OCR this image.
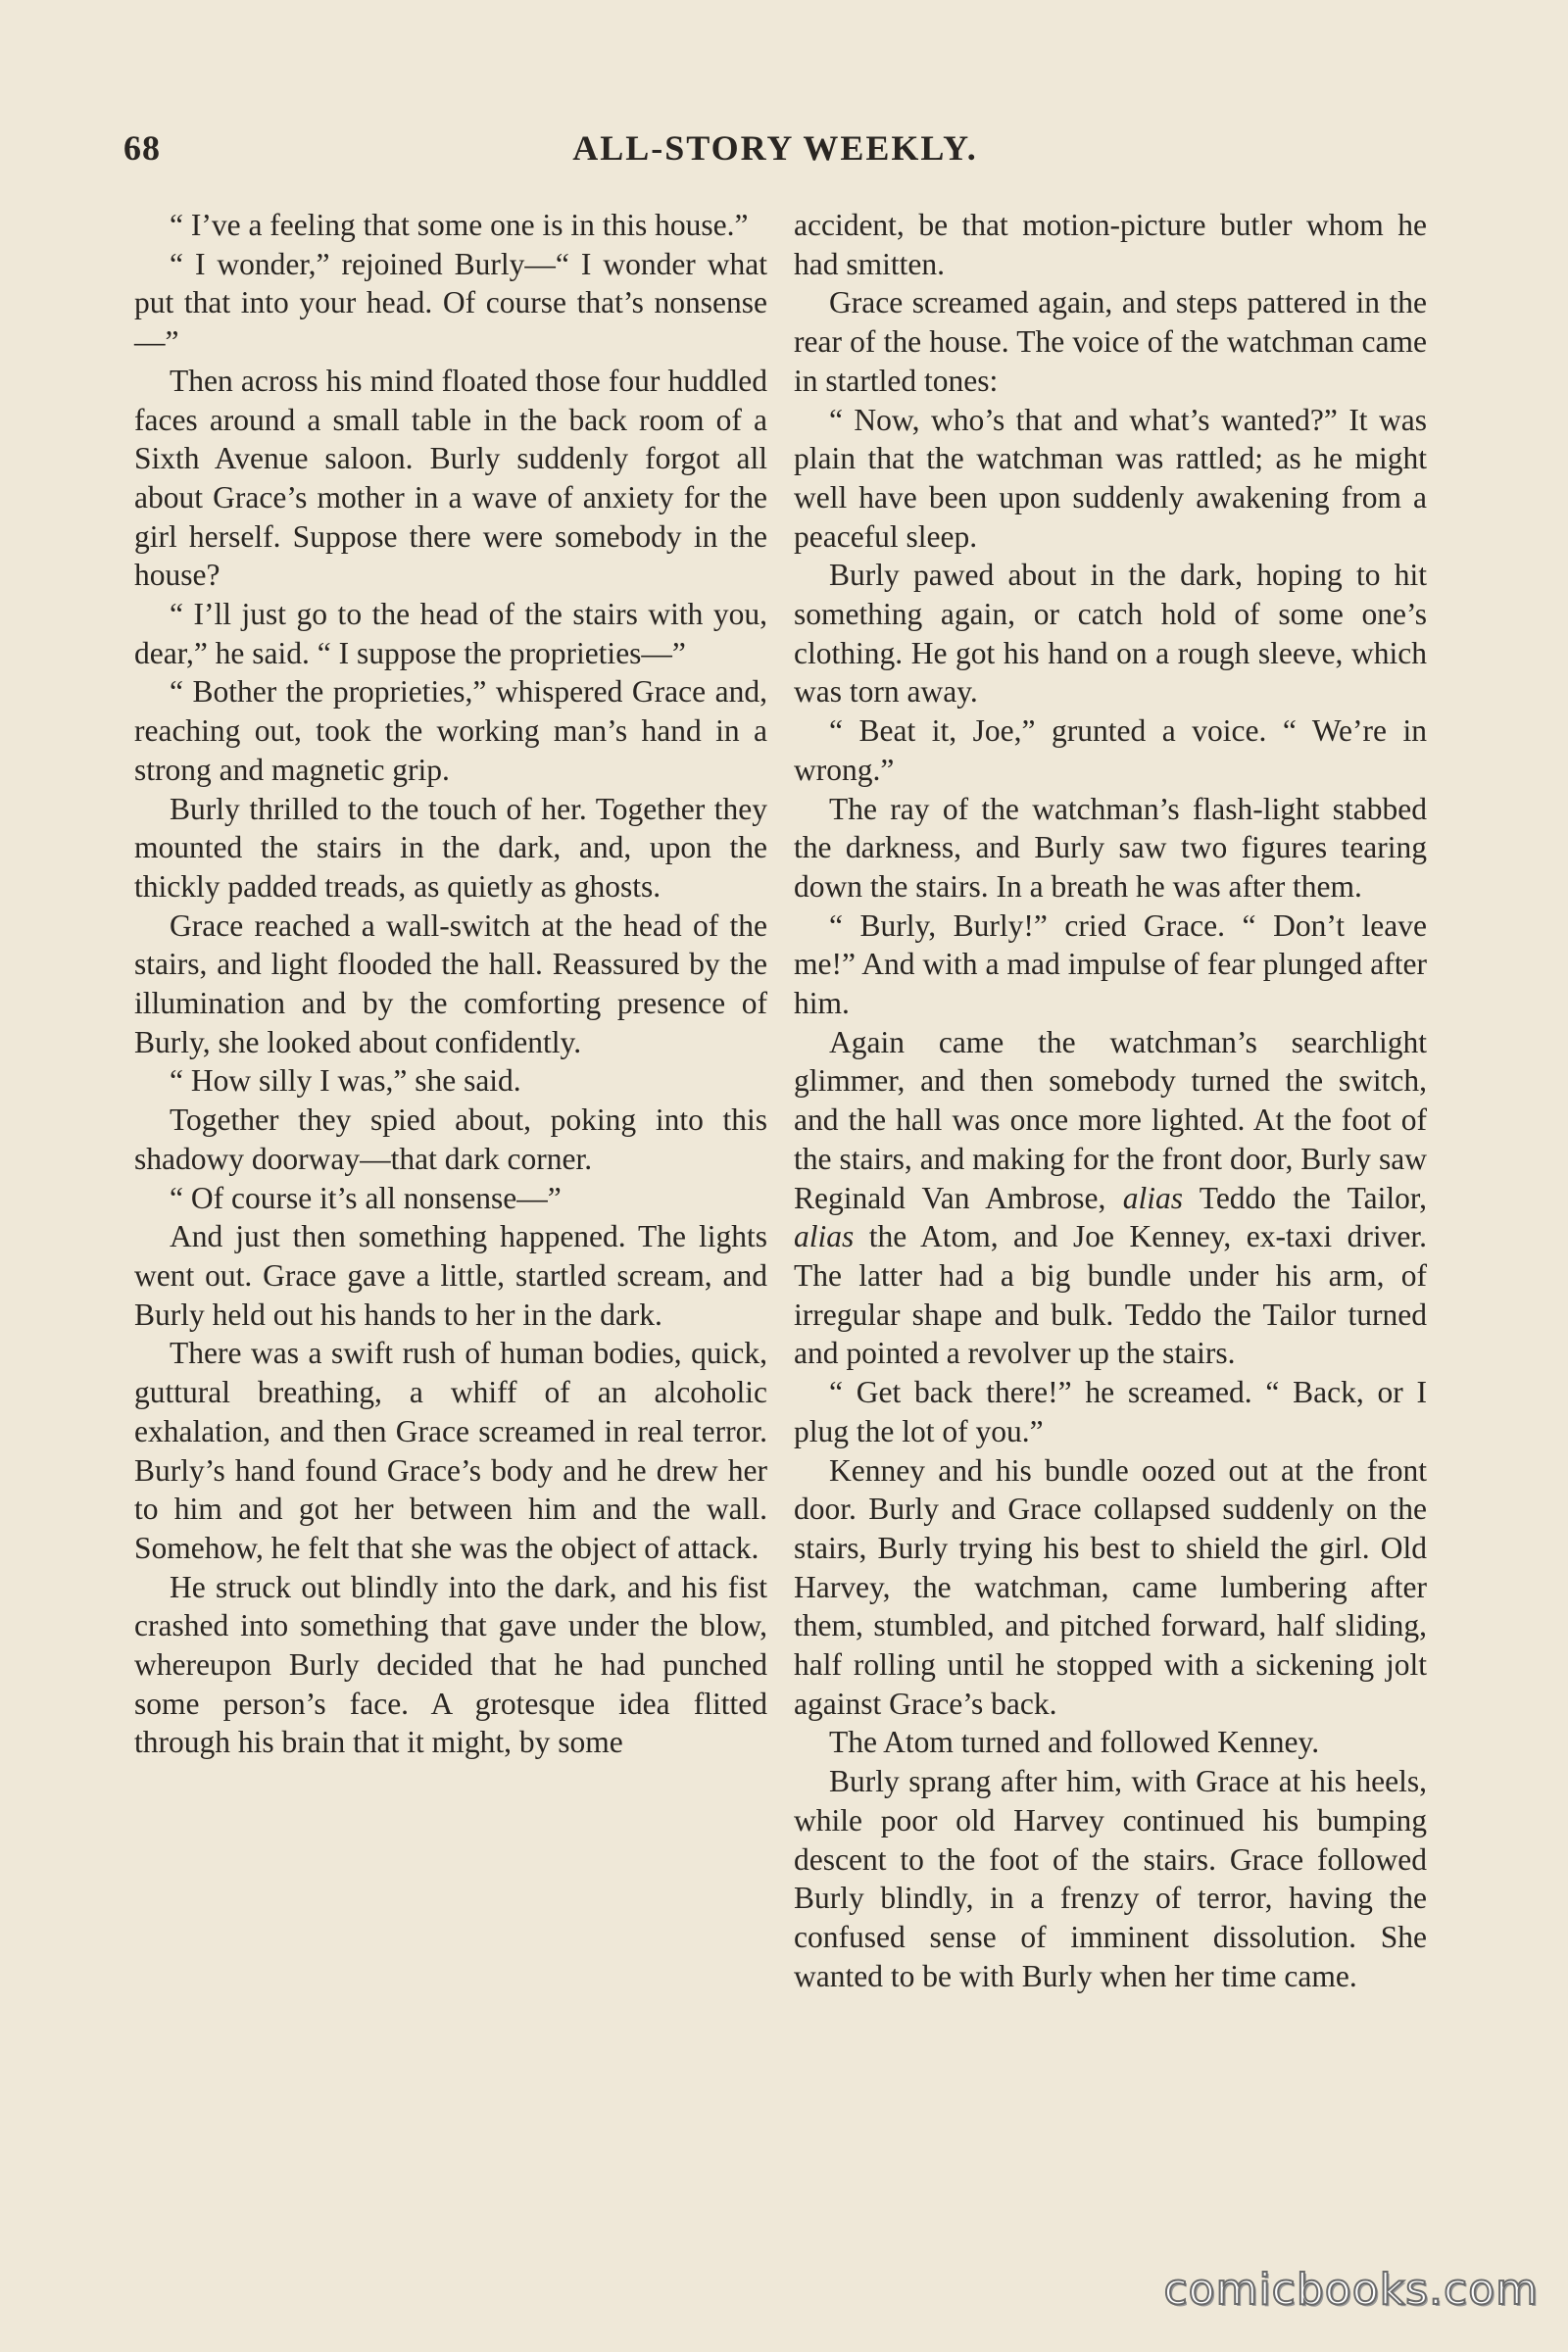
68	ALL-STORY WEEKLY.

“ I’ve a feeling that some one is in this house.”

“ I wonder,” rejoined Burly—“ I wonder what put that into your head. Of course that’s nonsense—”

Then across his mind floated those four huddled faces around a small table in the back room of a Sixth Avenue saloon. Burly suddenly forgot all about Grace’s mother in a wave of anxiety for the girl herself. Suppose there were somebody in the house?

“ I’ll just go to the head of the stairs with you, dear,” he said. “ I suppose the proprieties—”

“ Bother the proprieties,” whispered Grace and, reaching out, took the working man’s hand in a strong and magnetic grip.

Burly thrilled to the touch of her. Together they mounted the stairs in the dark, and, upon the thickly padded treads, as quietly as ghosts.

Grace reached a wall-switch at the head of the stairs, and light flooded the hall. Reassured by the illumination and by the comforting presence of Burly, she looked about confidently.

“ How silly I was,” she said.

Together they spied about, poking into this shadowy doorway—that dark corner.

“ Of course it’s all nonsense—”

And just then something happened. The lights went out. Grace gave a little, startled scream, and Burly held out his hands to her in the dark.

There was a swift rush of human bodies, quick, guttural breathing, a whiff of an alcoholic exhalation, and then Grace screamed in real terror. Burly’s hand found Grace’s body and he drew her to him and got her between him and the wall. Somehow, he felt that she was the object of attack.

He struck out blindly into the dark, and his fist crashed into something that gave under the blow, whereupon Burly decided that he had punched some person’s face. A grotesque idea flitted through his brain that it might, by some

accident, be that motion-picture butler whom he had smitten.

Grace screamed again, and steps pattered in the rear of the house. The voice of the watchman came in startled tones:

“ Now, who’s that and what’s wanted?” It was plain that the watchman was rattled; as he might well have been upon suddenly awakening from a peaceful sleep.

Burly pawed about in the dark, hoping to hit something again, or catch hold of some one’s clothing. He got his hand on a rough sleeve, which was torn away.

“ Beat it, Joe,” grunted a voice. “ We’re in wrong.”

The ray of the watchman’s flash-light stabbed the darkness, and Burly saw two figures tearing down the stairs. In a breath he was after them.

“ Burly, Burly!” cried Grace. “ Don’t leave me!” And with a mad impulse of fear plunged after him.

Again came the watchman’s searchlight glimmer, and then somebody turned the switch, and the hall was once more lighted. At the foot of the stairs, and making for the front door, Burly saw Reginald Van Ambrose, alias Teddo the Tailor, alias the Atom, and Joe Kenney, ex-taxi driver. The latter had a big bundle under his arm, of irregular shape and bulk. Teddo the Tailor turned and pointed a revolver up the stairs.

“ Get back there!” he screamed. “ Back, or I plug the lot of you.”

Kenney and his bundle oozed out at the front door. Burly and Grace collapsed suddenly on the stairs, Burly trying his best to shield the girl. Old Harvey, the watchman, came lumbering after them, stumbled, and pitched forward, half sliding, half rolling until he stopped with a sickening jolt against Grace’s back.

The Atom turned and followed Kenney.

Burly sprang after him, with Grace at his heels, while poor old Harvey continued his bumping descent to the foot of the stairs. Grace followed Burly blindly, in a frenzy of terror, having the confused sense of imminent dissolution. She wanted to be with Burly when her time came.

comicbooks.com
